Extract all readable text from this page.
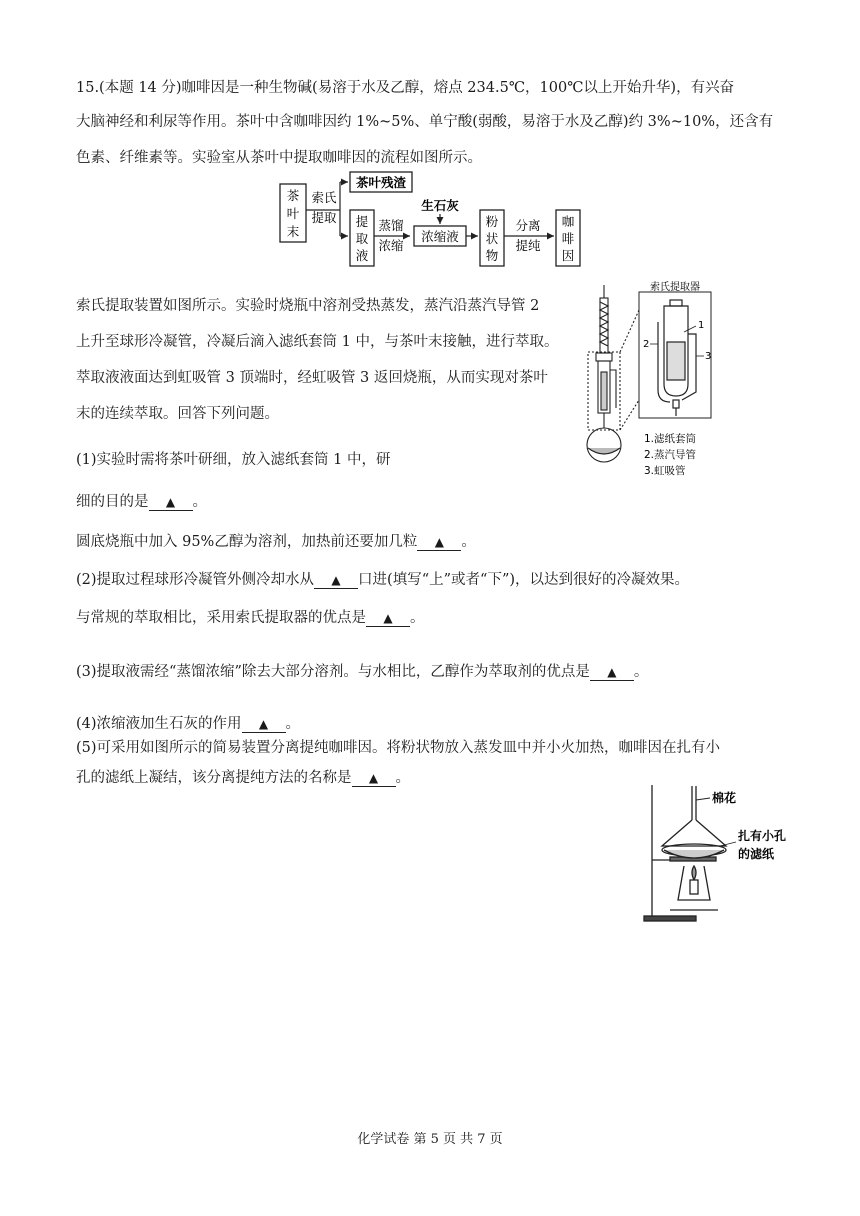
15.(本题 14 分)咖啡因是一种生物碱(易溶于水及乙醇，熔点 234.5℃，100℃以上开始升华)，有兴奋
大脑神经和利尿等作用。茶叶中含咖啡因约 1%~5%、单宁酸(弱酸，易溶于水及乙醇)约 3%~10%，还含有
色素、纤维素等。实验室从茶叶中提取咖啡因的流程如图所示。
茶
叶
末
索氏
提取
茶叶残渣
提
取
液
蒸馏
浓缩
生石灰
浓缩液
粉
状
物
分离
提纯
咖
啡
因
索氏提取装置如图所示。实验时烧瓶中溶剂受热蒸发，蒸汽沿蒸汽导管 2
上升至球形冷凝管，冷凝后滴入滤纸套筒 1 中，与茶叶末接触，进行萃取。
萃取液液面达到虹吸管 3 顶端时，经虹吸管 3 返回烧瓶，从而实现对茶叶
末的连续萃取。回答下列问题。
索氏提取器
1
2
3
1.滤纸套筒
2.蒸汽导管
3.虹吸管
(1)实验时需将茶叶研细，放入滤纸套筒 1 中，研
细的目的是 ▲ 。
圆底烧瓶中加入 95%乙醇为溶剂，加热前还要加几粒 ▲ 。
(2)提取过程球形冷凝管外侧冷却水从 ▲ 口进(填写“上”或者“下”)，以达到很好的冷凝效果。
与常规的萃取相比，采用索氏提取器的优点是 ▲ 。
(3)提取液需经“蒸馏浓缩”除去大部分溶剂。与水相比，乙醇作为萃取剂的优点是 ▲ 。
(4)浓缩液加生石灰的作用 ▲ 。
(5)可采用如图所示的简易装置分离提纯咖啡因。将粉状物放入蒸发皿中并小火加热，咖啡因在扎有小
孔的滤纸上凝结，该分离提纯方法的名称是 ▲ 。
棉花
扎有小孔
的滤纸
化学试卷 第 5 页 共 7 页
